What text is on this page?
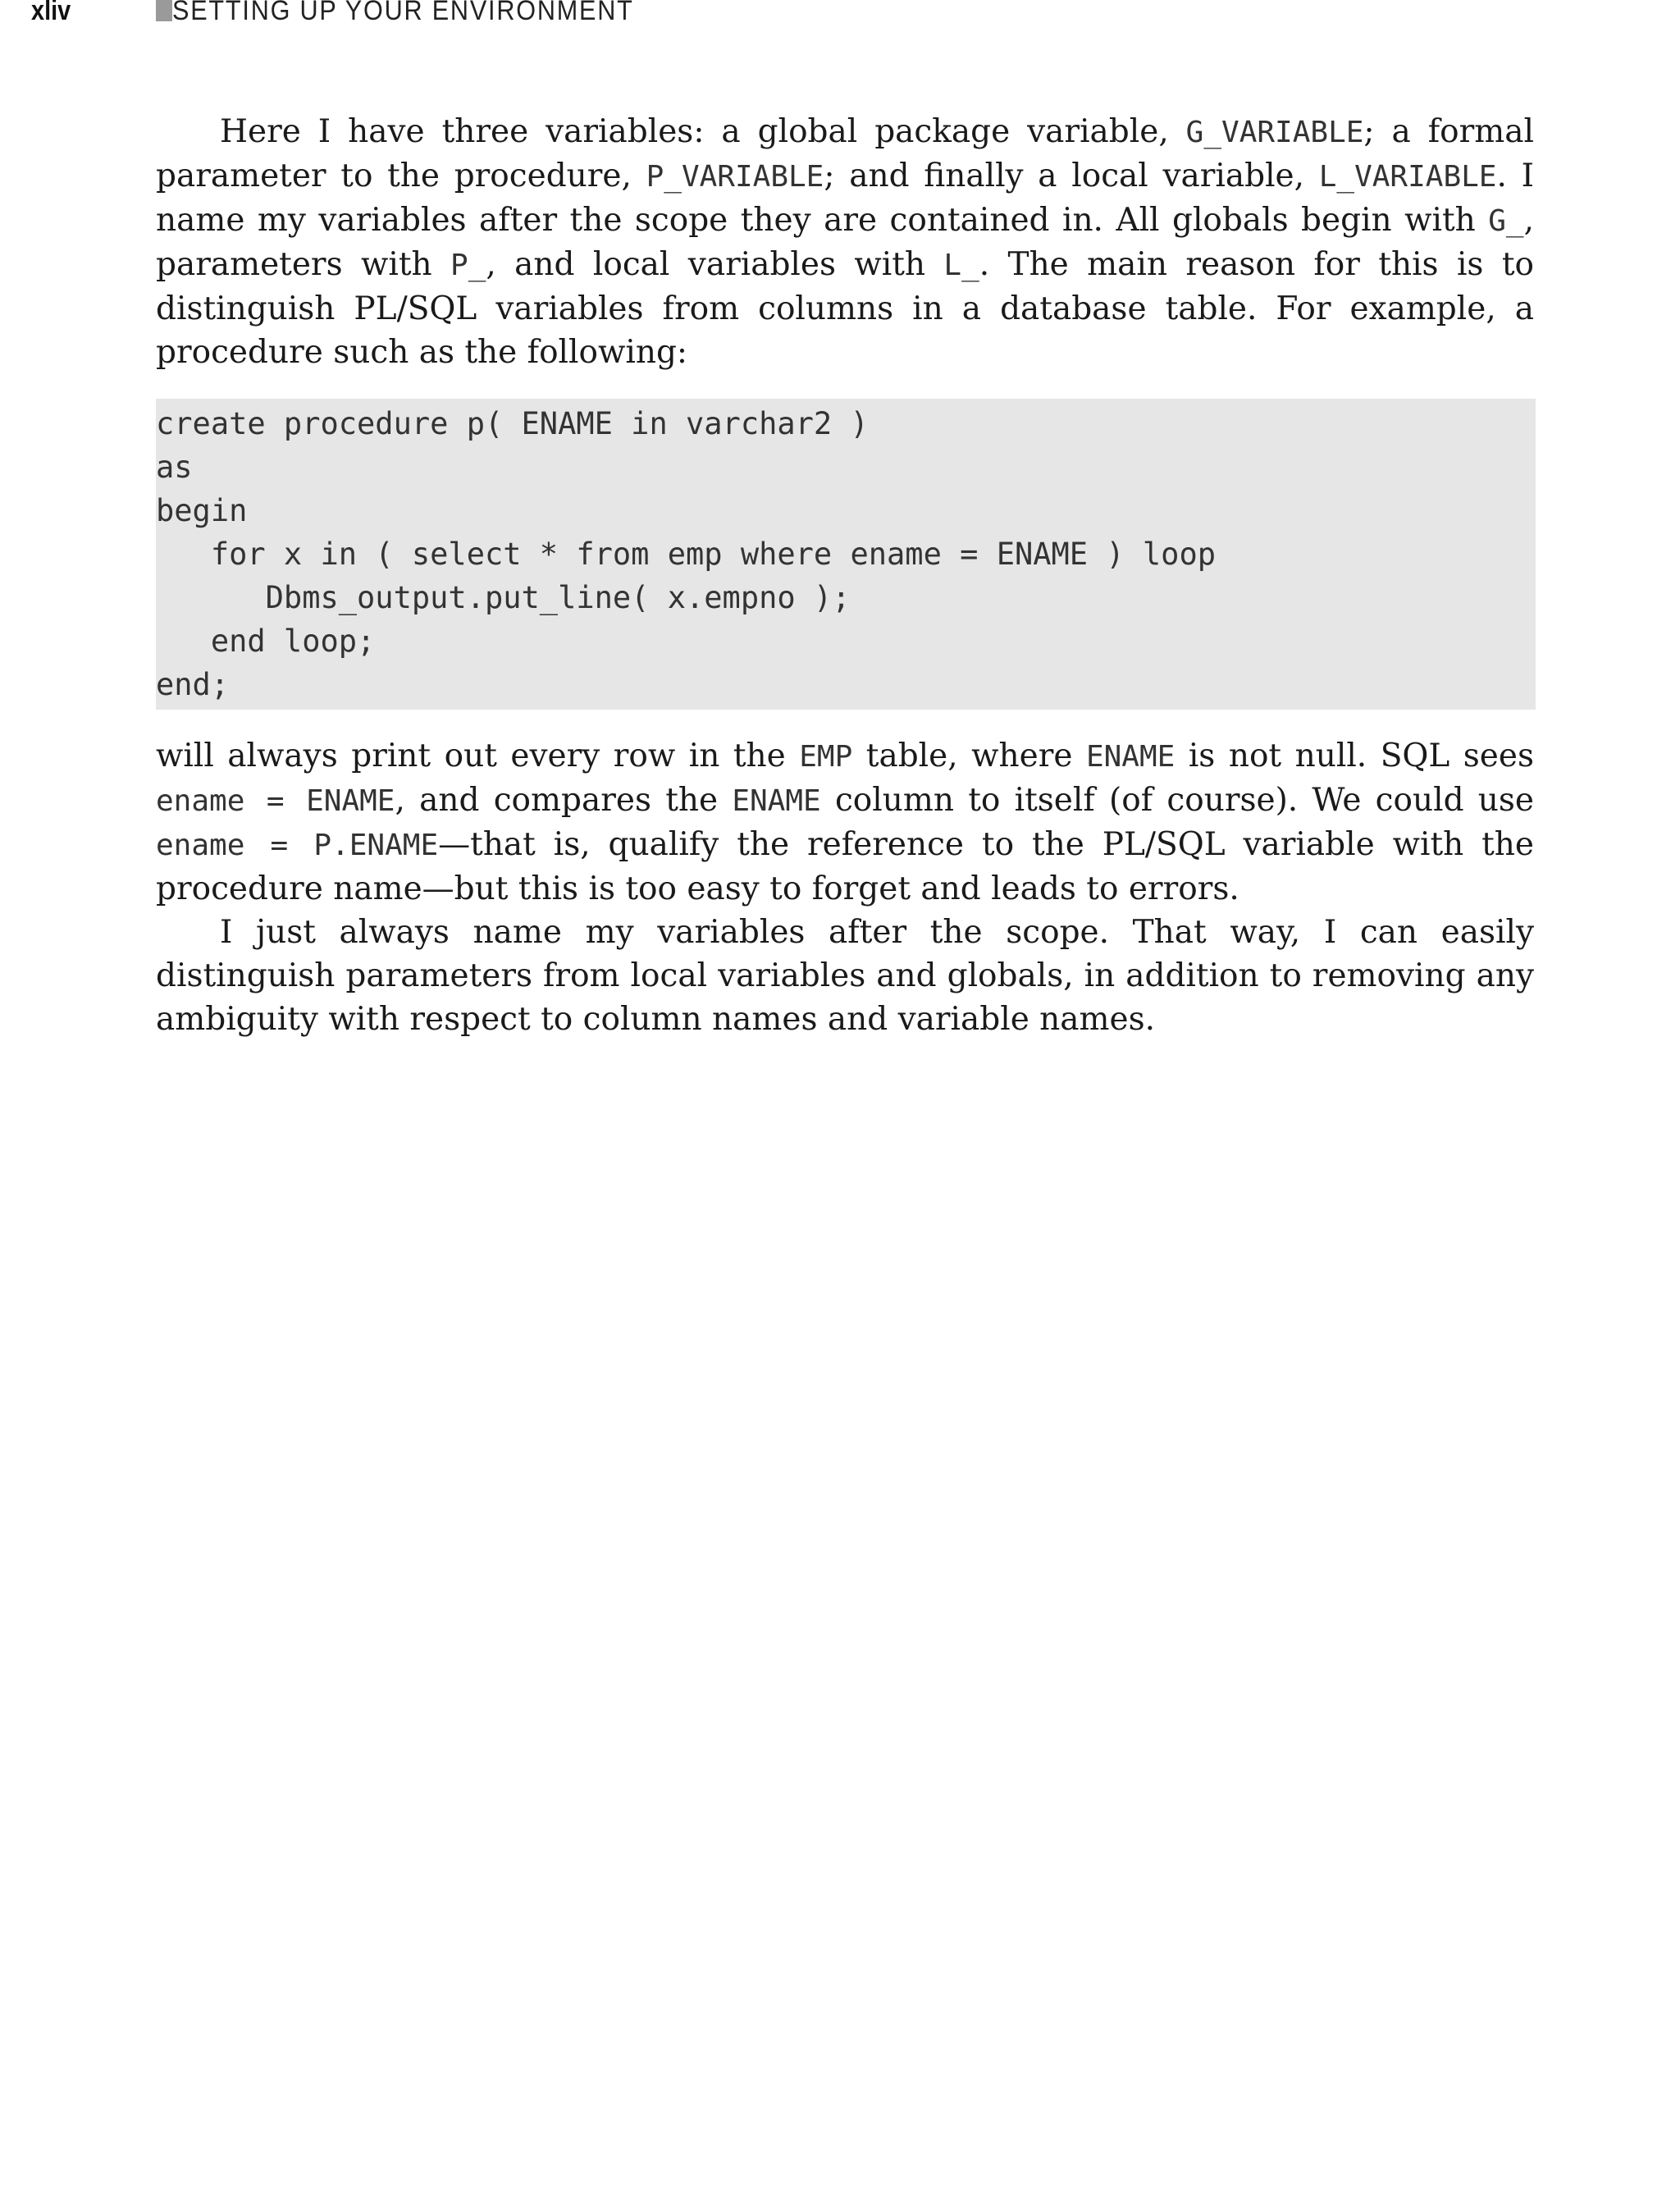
xliv	SETTING UP YOUR ENVIRONMENT

Here I have three variables: a global package variable, G_VARIABLE; a formal parameter to the procedure, P_VARIABLE; and finally a local variable, L_VARIABLE. I name my variables after the scope they are contained in. All globals begin with G_, parameters with P_, and local variables with L_. The main reason for this is to distinguish PL/SQL variables from columns in a database table. For example, a procedure such as the following:

create procedure p( ENAME in varchar2 )
as
begin
for x in ( select * from emp where ename = ENAME ) loop
Dbms_output.put_line( x.empno );
end loop;
end;

will always print out every row in the EMP table, where ENAME is not null. SQL sees ename = ENAME, and compares the ENAME column to itself (of course). We could use ename = P.ENAME—that is, qualify the reference to the PL/SQL variable with the procedure name—but this is too easy to forget and leads to errors.

I just always name my variables after the scope. That way, I can easily distinguish parameters from local variables and globals, in addition to removing any ambiguity with respect to column names and variable names.
